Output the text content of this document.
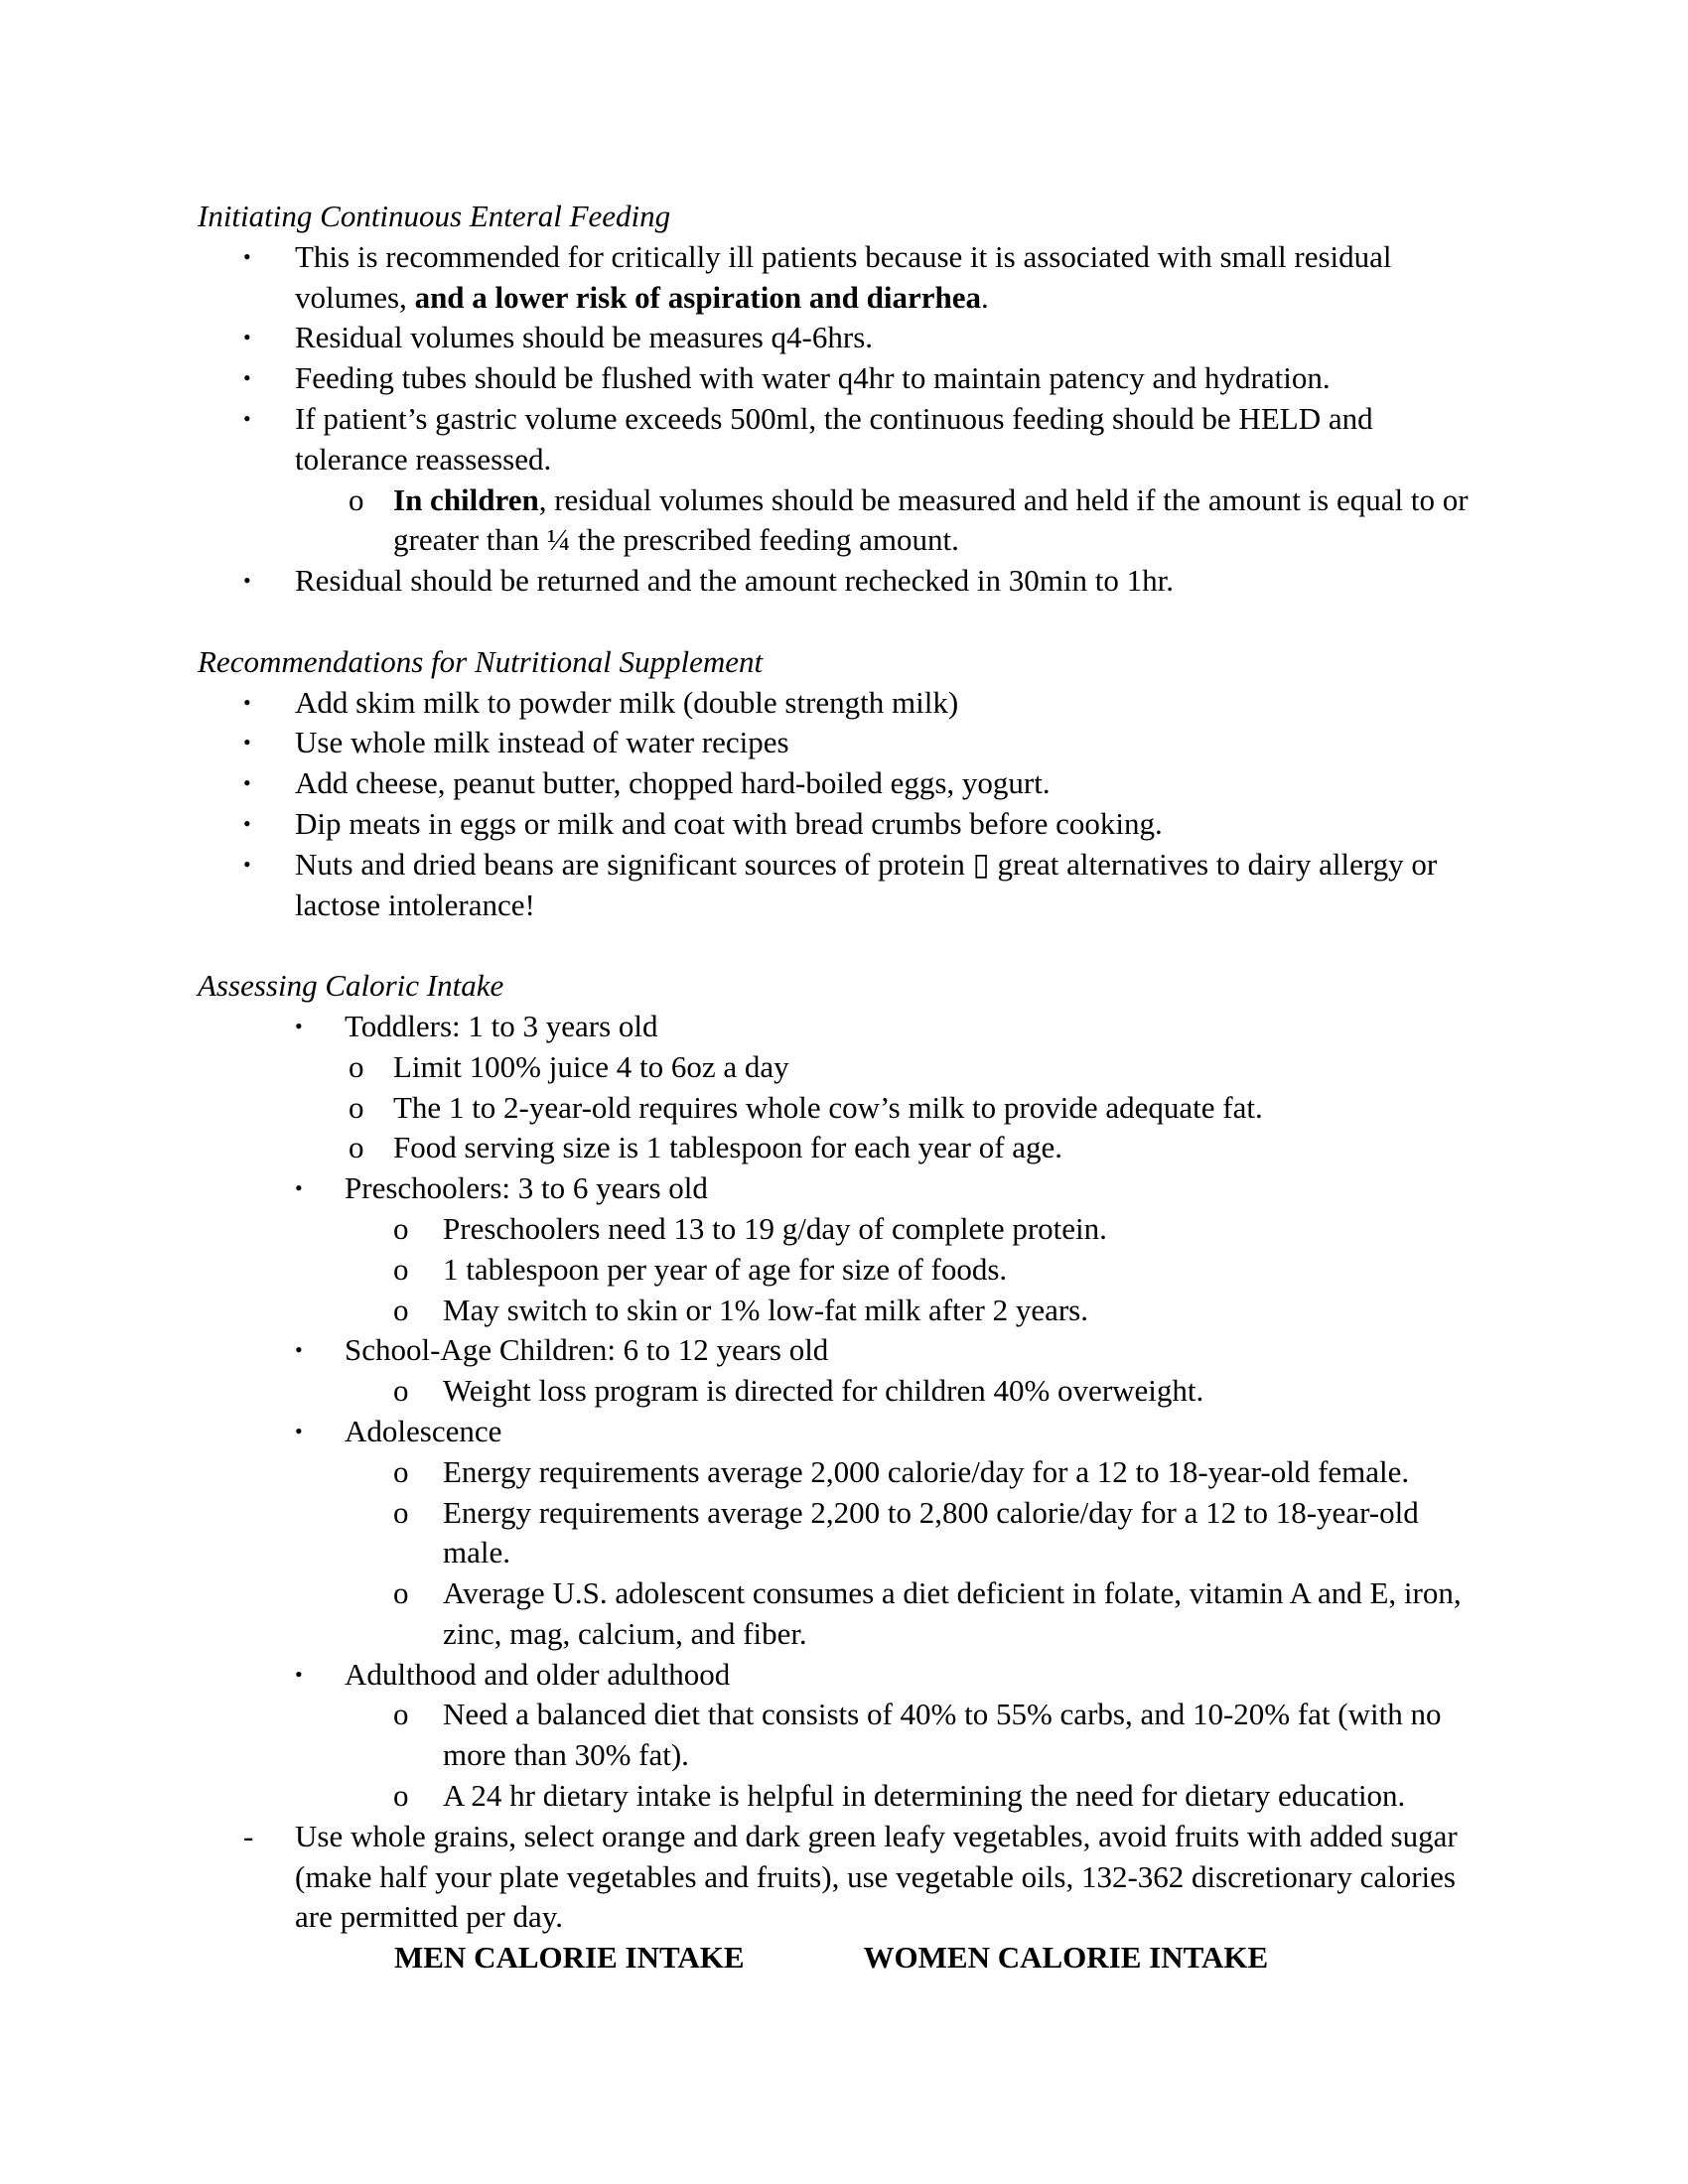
Initiating Continuous Enteral Feeding
• This is recommended for critically ill patients because it is associated with small residual volumes, and a lower risk of aspiration and diarrhea.
• Residual volumes should be measures q4-6hrs.
• Feeding tubes should be flushed with water q4hr to maintain patency and hydration.
• If patient’s gastric volume exceeds 500ml, the continuous feeding should be HELD and tolerance reassessed.
o In children, residual volumes should be measured and held if the amount is equal to or greater than ¼ the prescribed feeding amount.
• Residual should be returned and the amount rechecked in 30min to 1hr.
Recommendations for Nutritional Supplement
• Add skim milk to powder milk (double strength milk)
• Use whole milk instead of water recipes
• Add cheese, peanut butter, chopped hard-boiled eggs, yogurt.
• Dip meats in eggs or milk and coat with bread crumbs before cooking.
• Nuts and dried beans are significant sources of protein ▯ great alternatives to dairy allergy or lactose intolerance!
Assessing Caloric Intake
• Toddlers: 1 to 3 years old
o Limit 100% juice 4 to 6oz a day
o The 1 to 2-year-old requires whole cow’s milk to provide adequate fat.
o Food serving size is 1 tablespoon for each year of age.
• Preschoolers: 3 to 6 years old
o Preschoolers need 13 to 19 g/day of complete protein.
o 1 tablespoon per year of age for size of foods.
o May switch to skin or 1% low-fat milk after 2 years.
• School-Age Children: 6 to 12 years old
o Weight loss program is directed for children 40% overweight.
• Adolescence
o Energy requirements average 2,000 calorie/day for a 12 to 18-year-old female.
o Energy requirements average 2,200 to 2,800 calorie/day for a 12 to 18-year-old male.
o Average U.S. adolescent consumes a diet deficient in folate, vitamin A and E, iron, zinc, mag, calcium, and fiber.
• Adulthood and older adulthood
o Need a balanced diet that consists of 40% to 55% carbs, and 10-20% fat (with no more than 30% fat).
o A 24 hr dietary intake is helpful in determining the need for dietary education.
- Use whole grains, select orange and dark green leafy vegetables, avoid fruits with added sugar (make half your plate vegetables and fruits), use vegetable oils, 132-362 discretionary calories are permitted per day.
MEN CALORIE INTAKE	WOMEN CALORIE INTAKE
